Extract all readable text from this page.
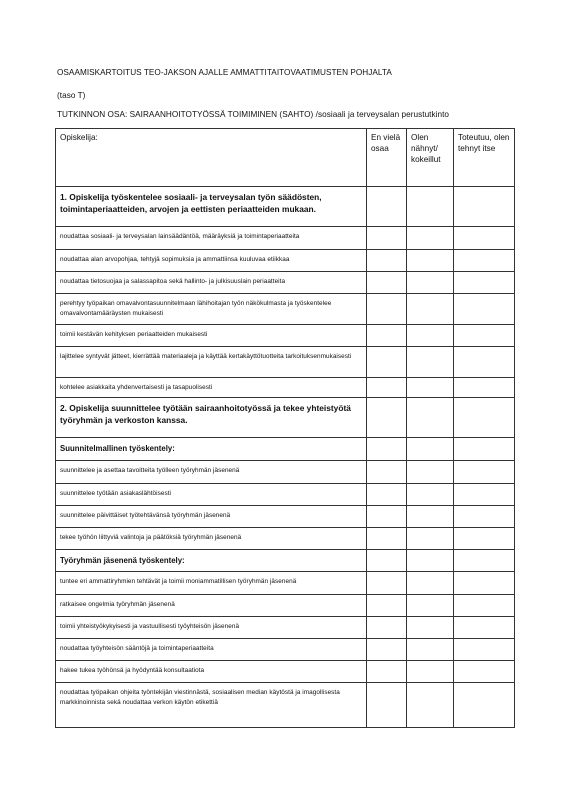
OSAAMISKARTOITUS TEO-JAKSON AJALLE AMMATTITAITOVAATIMUSTEN POHJALTA
(taso T)
TUTKINNON OSA: SAIRAANHOITOTYÖSSÄ TOIMIMINEN (SAHTO) /sosiaali ja terveysalan perustutkinto
Opiskelija:	En vielä osaa	Olen nähnyt/ kokeillut	Toteutuu, olen tehnyt itse

1. Opiskelija työskentelee sosiaali- ja terveysalan työn säädösten, toimintaperiaatteiden, arvojen ja eettisten periaatteiden mukaan.			

noudattaa sosiaali- ja terveysalan lainsäädäntöä, määräyksiä ja toimintaperiaatteita			

noudattaa alan arvopohjaa, tehtyjä sopimuksia ja ammattiinsa kuuluvaa etiikkaa			

noudattaa tietosuojaa ja salassapitoa sekä hallinto- ja julkisuuslain periaatteita			

perehtyy työpaikan omavalvontasuunnitelmaan lähihoitajan työn näkökulmasta ja työskentelee omavalvontamääräysten mukaisesti			

toimii kestävän kehityksen periaatteiden mukaisesti			

lajittelee syntyvät jätteet, kierrättää materiaaleja ja käyttää kertakäyttötuotteita tarkoituksenmukaisesti			

kohtelee asiakkaita yhdenvertaisesti ja tasapuolisesti			

2. Opiskelija suunnittelee työtään sairaanhoitotyössä ja tekee yhteistyötä työryhmän ja verkoston kanssa.			

Suunnitelmallinen työskentely:			

suunnittelee ja asettaa tavoitteita työlleen työryhmän jäsenenä			

suunnittelee työtään asiakaslähtöisesti			

suunnittelee päivittäiset työtehtävänsä työryhmän jäsenenä			

tekee työhön liittyviä valintoja ja päätöksiä työryhmän jäsenenä			

Työryhmän jäsenenä työskentely:			

tuntee eri ammattiryhmien tehtävät ja toimii moniammatillisen työryhmän jäsenenä			

ratkaisee ongelmia työryhmän jäsenenä			

toimii yhteistyökykyisesti ja vastuullisesti työyhteisön jäsenenä			

noudattaa työyhteisön sääntöjä ja toimintaperiaatteita			

hakee tukea työhönsä ja hyödyntää konsultaatiota			

noudattaa työpaikan ohjeita työntekijän viestinnästä, sosiaalisen median käytöstä ja imagollisesta markkinoinnista sekä noudattaa verkon käytön etikettiä			
